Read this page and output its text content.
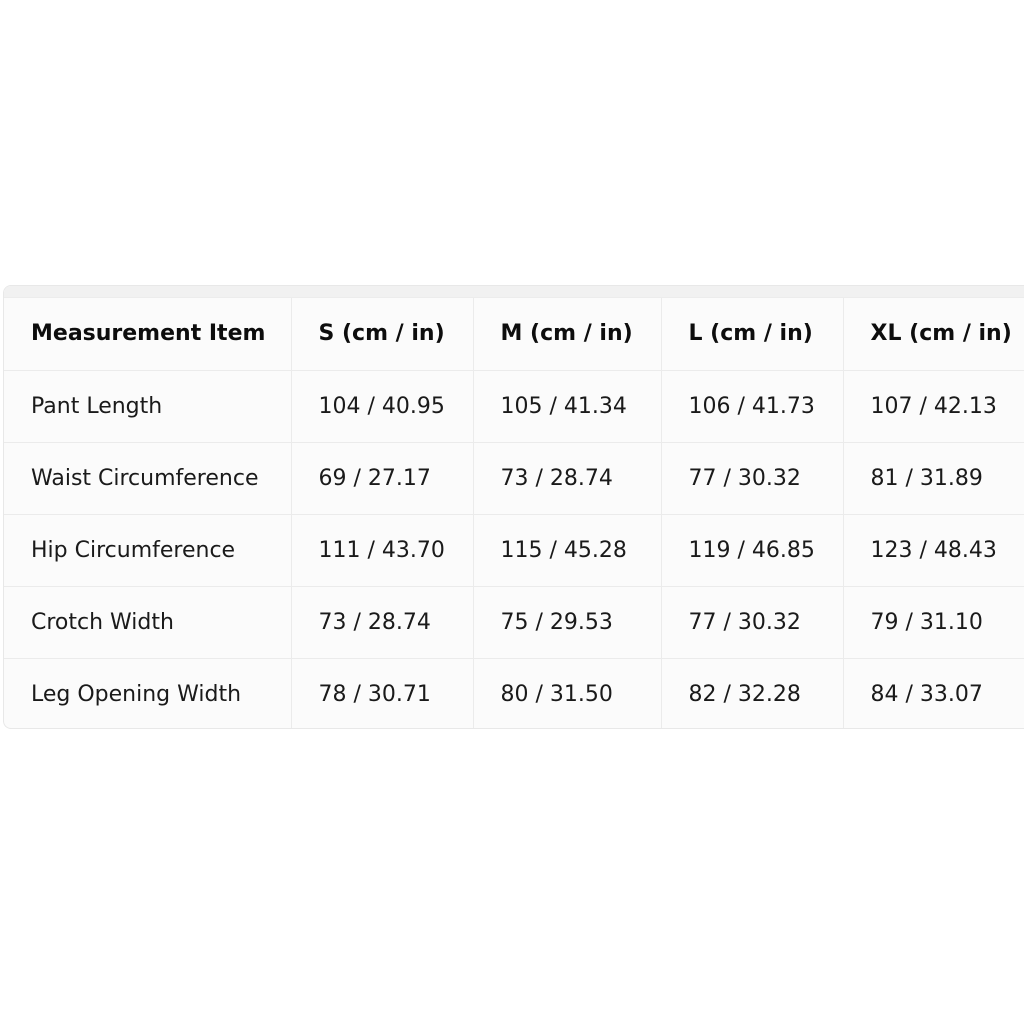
Measurement Item	S (cm / in)	M (cm / in)	L (cm / in)	XL (cm / in)
Pant Length	104 / 40.95	105 / 41.34	106 / 41.73	107 / 42.13
Waist Circumference	69 / 27.17	73 / 28.74	77 / 30.32	81 / 31.89
Hip Circumference	111 / 43.70	115 / 45.28	119 / 46.85	123 / 48.43
Crotch Width	73 / 28.74	75 / 29.53	77 / 30.32	79 / 31.10
Leg Opening Width	78 / 30.71	80 / 31.50	82 / 32.28	84 / 33.07
